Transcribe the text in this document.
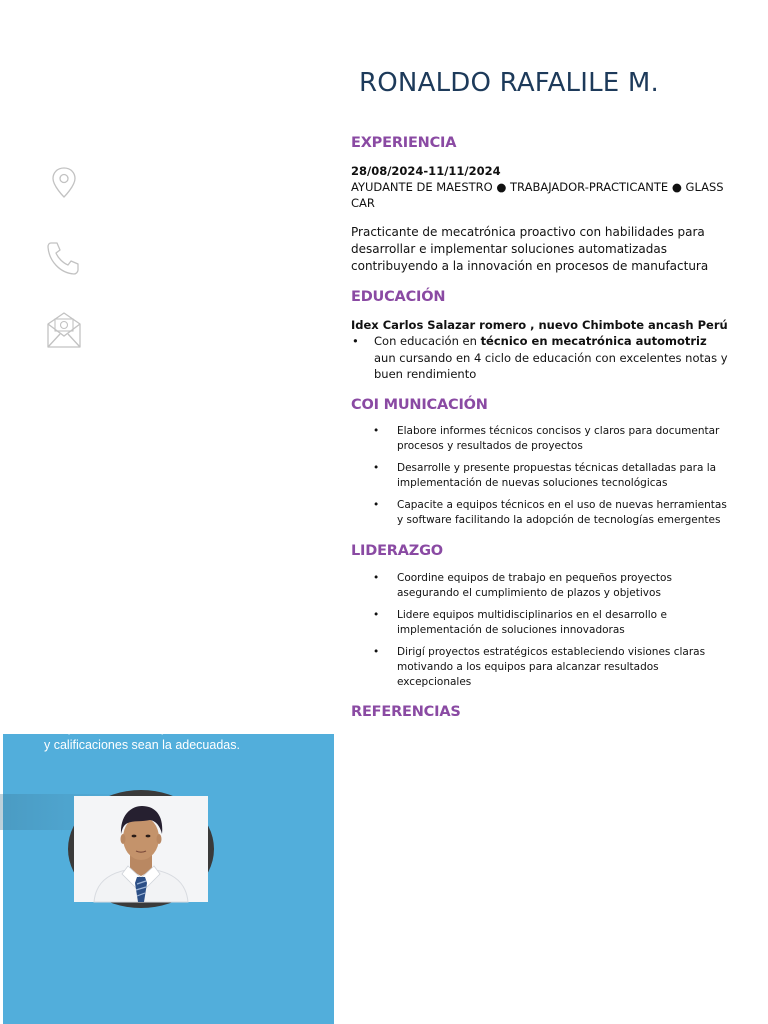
tiempo, ansioso de que mis habilidades y calificaciones sean la adecuadas.

RONALDO RAFALILE M.
EXPERIENCIA

28/08/2024-11/11/2024

AYUDANTE DE MAESTRO ● TRABAJADOR-PRACTICANTE ● GLASS

CAR

Practicante de mecatrónica proactivo con habilidades para desarrollar e implementar soluciones automatizadas contribuyendo a la innovación en procesos de manufactura

EDUCACIÓN

Idex Carlos Salazar romero , nuevo Chimbote ancash Perú

• Con educación en técnico en mecatrónica automotriz aun cursando en 4 ciclo de educación con excelentes notas y buen rendimiento
COI MUNICACIÓN
• Elabore informes técnicos concisos y claros para documentar procesos y resultados de proyectos
• Desarrolle y presente propuestas técnicas detalladas para la implementación de nuevas soluciones tecnológicas
• Capacite a equipos técnicos en el uso de nuevas herramientas y software facilitando la adopción de tecnologías emergentes
LIDERAZGO
• Coordine equipos de trabajo en pequeños proyectos asegurando el cumplimiento de plazos y objetivos
• Lidere equipos multidisciplinarios en el desarrollo e implementación de soluciones innovadoras
• Dirigí proyectos estratégicos estableciendo visiones claras motivando a los equipos para alcanzar resultados excepcionales
REFERENCIAS
